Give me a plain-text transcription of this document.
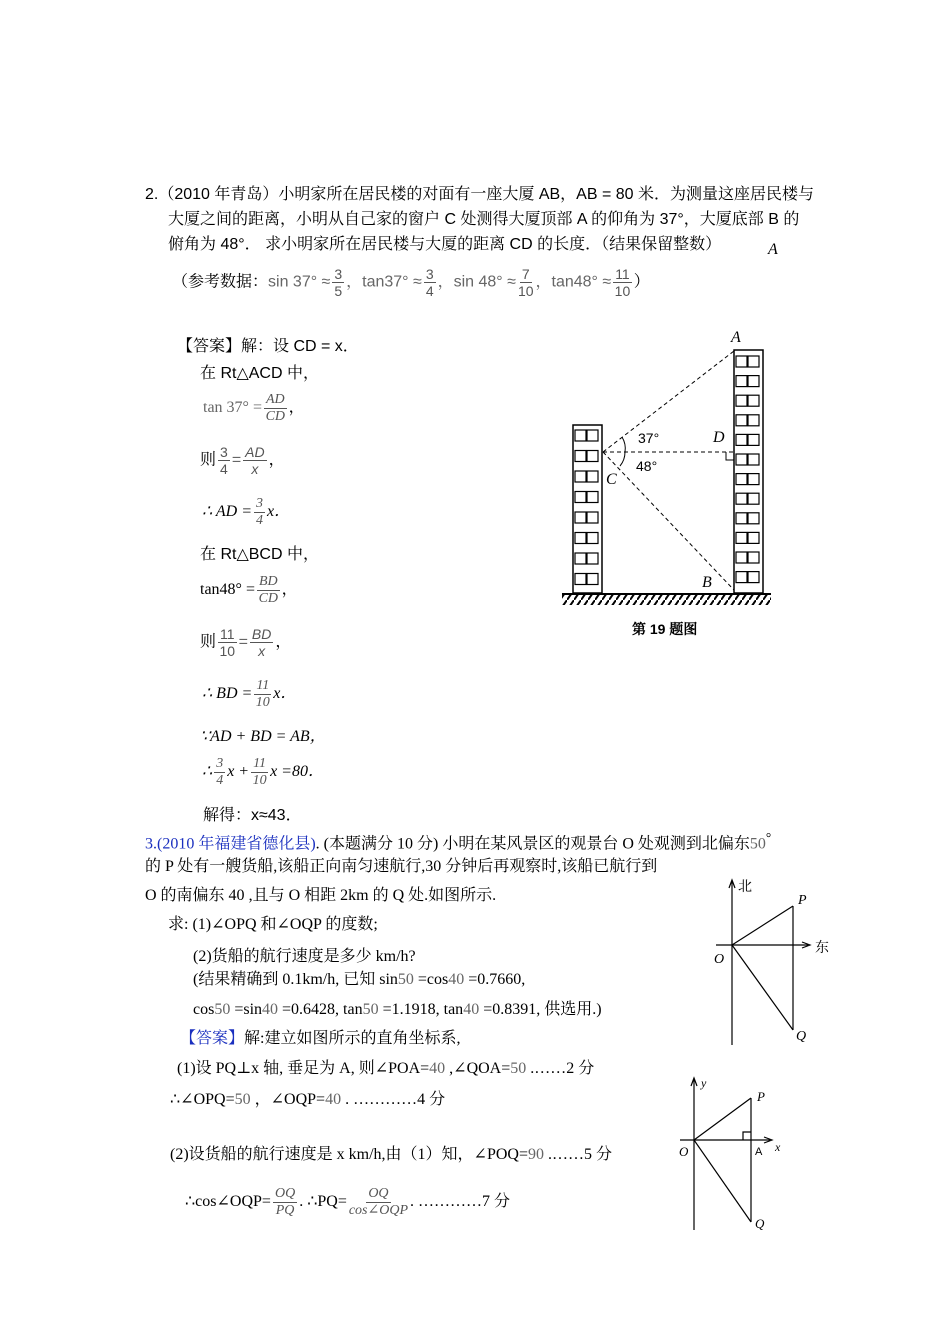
2.（2010 年青岛）小明家所在居民楼的对面有一座大厦 AB，AB = 80 米．为测量这座居民楼与
大厦之间的距离，小明从自己家的窗户 C 处测得大厦顶部 A 的仰角为 37°，大厦底部 B 的
俯角为 48°． 求小明家所在居民楼与大厦的距离 CD 的长度．（结果保留整数）	A
（参考数据：$\sin 37^\circ \approx \frac{3}{5}$ ，$\tan 37^\circ \approx \frac{3}{4}$ ，$\sin 48^\circ \approx \frac{7}{10}$ ，$\tan 48^\circ \approx \frac{11}{10}$ ）
【答案】解：设 CD = x．
在 Rt△ACD 中，
$\tan 37^\circ = \frac{AD}{CD}$ ，
则 $\frac{3}{4} = \frac{AD}{x}$ ，
∴ AD = $\frac{3}{4}$ x．
在 Rt△BCD 中，
$\tan 48^\circ = \frac{BD}{CD}$ ，
则 $\frac{11}{10} = \frac{BD}{x}$ ，
∴ BD = $\frac{11}{10}$ x．
∵AD + BD = AB，
∴ $\frac{3}{4}$ $x + \frac{11}{10}$ x =80．
解得：x≈43．
A
D
C
B
37°
48°
第 19 题图
3.(2010 年福建省德化县). (本题满分 10 分) 小明在某风景区的观景台 O 处观测到北偏东50°
的 P 处有一艘货船,该船正向南匀速航行,30 分钟后再观察时,该船已航行到
O 的南偏东 40 ,且与 O 相距 2km 的 Q 处.如图所示.
求: (1)∠OPQ 和∠OQP 的度数;
(2)货船的航行速度是多少 km/h?
(结果精确到 0.1km/h, 已知 sin50 =cos40 =0.7660,
cos50 =sin40 =0.6428, tan50 =1.1918, tan40 =0.8391, 供选用.)
【答案】解:建立如图所示的直角坐标系,
(1)设 PQ⊥x 轴, 垂足为 A, 则∠POA=40 ,∠QOA=50 .……2 分
∴∠OPQ=50 ，∠OQP=40 . …………4 分
(2)设货船的航行速度是 x km/h,由（1）知，∠POQ=90 .……5 分
∴cos∠OQP= $\frac{OQ}{PQ}$ . ∴PQ= OQ
cos∠OQP
. …………7 分
北
东
O
P
Q
y
x
O
P
Q
A
